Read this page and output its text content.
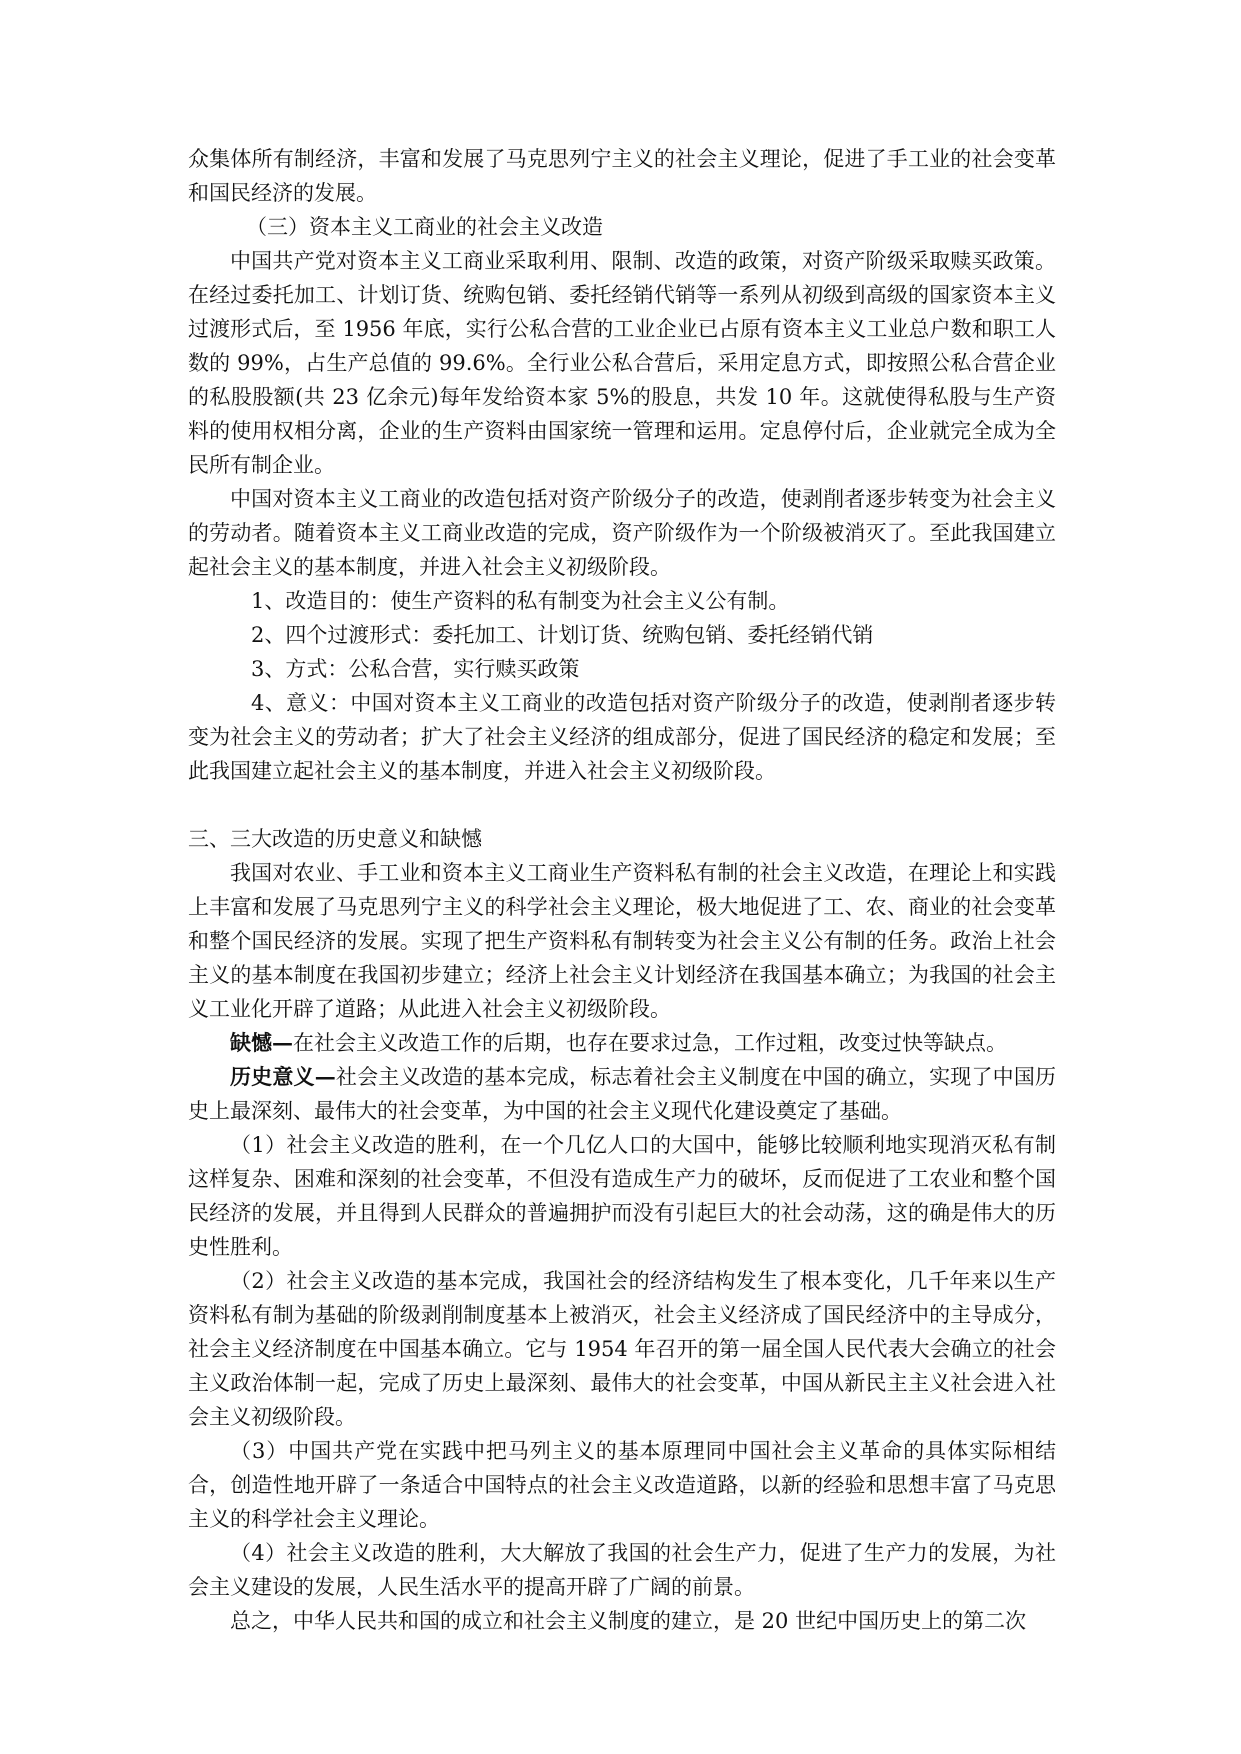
众集体所有制经济，丰富和发展了马克思列宁主义的社会主义理论，促进了手工业的社会变革和国民经济的发展。

（三）资本主义工商业的社会主义改造

中国共产党对资本主义工商业采取利用、限制、改造的政策，对资产阶级采取赎买政策。在经过委托加工、计划订货、统购包销、委托经销代销等一系列从初级到高级的国家资本主义过渡形式后，至 1956 年底，实行公私合营的工业企业已占原有资本主义工业总户数和职工人数的 99%，占生产总值的 99.6%。全行业公私合营后，采用定息方式，即按照公私合营企业的私股股额(共 23 亿余元)每年发给资本家 5%的股息，共发 10 年。这就使得私股与生产资料的使用权相分离，企业的生产资料由国家统一管理和运用。定息停付后，企业就完全成为全民所有制企业。

中国对资本主义工商业的改造包括对资产阶级分子的改造，使剥削者逐步转变为社会主义的劳动者。随着资本主义工商业改造的完成，资产阶级作为一个阶级被消灭了。至此我国建立起社会主义的基本制度，并进入社会主义初级阶段。

1、改造目的：使生产资料的私有制变为社会主义公有制。

2、四个过渡形式：委托加工、计划订货、统购包销、委托经销代销

3、方式：公私合营，实行赎买政策

4、意义：中国对资本主义工商业的改造包括对资产阶级分子的改造，使剥削者逐步转变为社会主义的劳动者；扩大了社会主义经济的组成部分，促进了国民经济的稳定和发展；至此我国建立起社会主义的基本制度，并进入社会主义初级阶段。

三、三大改造的历史意义和缺憾

我国对农业、手工业和资本主义工商业生产资料私有制的社会主义改造，在理论上和实践上丰富和发展了马克思列宁主义的科学社会主义理论，极大地促进了工、农、商业的社会变革和整个国民经济的发展。实现了把生产资料私有制转变为社会主义公有制的任务。政治上社会主义的基本制度在我国初步建立；经济上社会主义计划经济在我国基本确立；为我国的社会主义工业化开辟了道路；从此进入社会主义初级阶段。

缺憾—在社会主义改造工作的后期，也存在要求过急，工作过粗，改变过快等缺点。

历史意义—社会主义改造的基本完成，标志着社会主义制度在中国的确立，实现了中国历史上最深刻、最伟大的社会变革，为中国的社会主义现代化建设奠定了基础。

（1）社会主义改造的胜利，在一个几亿人口的大国中，能够比较顺利地实现消灭私有制这样复杂、困难和深刻的社会变革，不但没有造成生产力的破坏，反而促进了工农业和整个国民经济的发展，并且得到人民群众的普遍拥护而没有引起巨大的社会动荡，这的确是伟大的历史性胜利。

（2）社会主义改造的基本完成，我国社会的经济结构发生了根本变化，几千年来以生产资料私有制为基础的阶级剥削制度基本上被消灭，社会主义经济成了国民经济中的主导成分，社会主义经济制度在中国基本确立。它与 1954 年召开的第一届全国人民代表大会确立的社会主义政治体制一起，完成了历史上最深刻、最伟大的社会变革，中国从新民主主义社会进入社会主义初级阶段。

（3）中国共产党在实践中把马列主义的基本原理同中国社会主义革命的具体实际相结合，创造性地开辟了一条适合中国特点的社会主义改造道路，以新的经验和思想丰富了马克思主义的科学社会主义理论。

（4）社会主义改造的胜利，大大解放了我国的社会生产力，促进了生产力的发展，为社会主义建设的发展，人民生活水平的提高开辟了广阔的前景。

总之，中华人民共和国的成立和社会主义制度的建立，是 20 世纪中国历史上的第二次
